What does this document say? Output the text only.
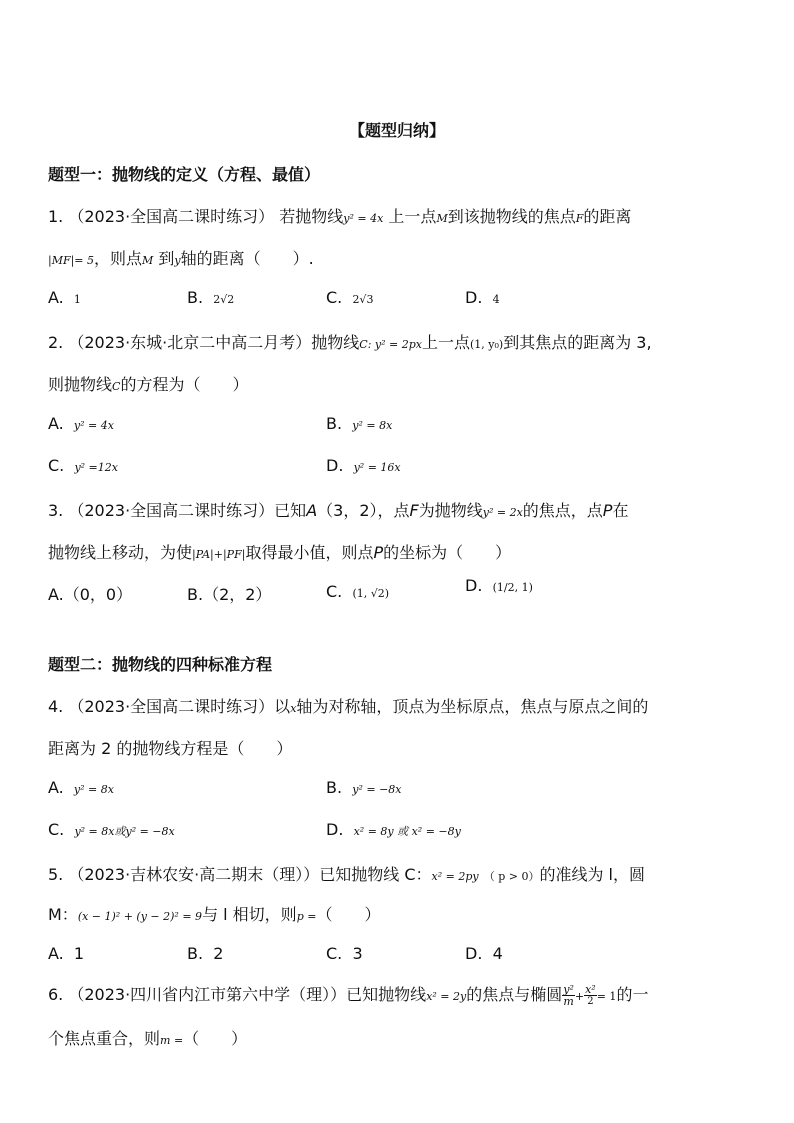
【题型归纳】
题型一：抛物线的定义（方程、最值）
1. （2023·全国高二课时练习） 若抛物线y² = 4x 上一点M到该抛物线的焦点F的距离
|MF|= 5，则点M 到y轴的距离（　　）.
A. 1	B. 2√2	C. 2√3	D. 4
2. （2023·东城·北京二中高二月考）抛物线C: y² = 2px上一点(1, y₀)到其焦点的距离为 3,
则抛物线C的方程为（　　）
A. y² = 4x	B. y² = 8x
C. y² =12x	D. y² = 16x
3. （2023·全国高二课时练习）已知A（3，2），点F为抛物线y² = 2x的焦点，点P在
抛物线上移动，为使|PA|+|PF|取得最小值，则点P的坐标为（　　）
A.（0，0）	B.（2，2）	C. (1, √2)	D. (1/2, 1)
题型二：抛物线的四种标准方程
4. （2023·全国高二课时练习）以x轴为对称轴，顶点为坐标原点，焦点与原点之间的
距离为 2 的抛物线方程是（　　）
A. y² = 8x	B. y² = −8x
C. y² = 8x或y² = −8x	D. x² = 8y 或 x² = −8y
5. （2023·吉林农安·高二期末（理））已知抛物线 C：x² = 2py （ p > 0）的准线为 l，圆
M：(x − 1)² + (y − 2)² = 9与 l 相切，则p =（　　）
A. 1	B. 2	C. 3	D. 4
6. （2023·四川省内江市第六中学（理））已知抛物线x² = 2y的焦点与椭圆 $\frac{\text{y²}}{m} + \frac{\text{x²}}{2} = 1$的一
个焦点重合，则m =（　　）
